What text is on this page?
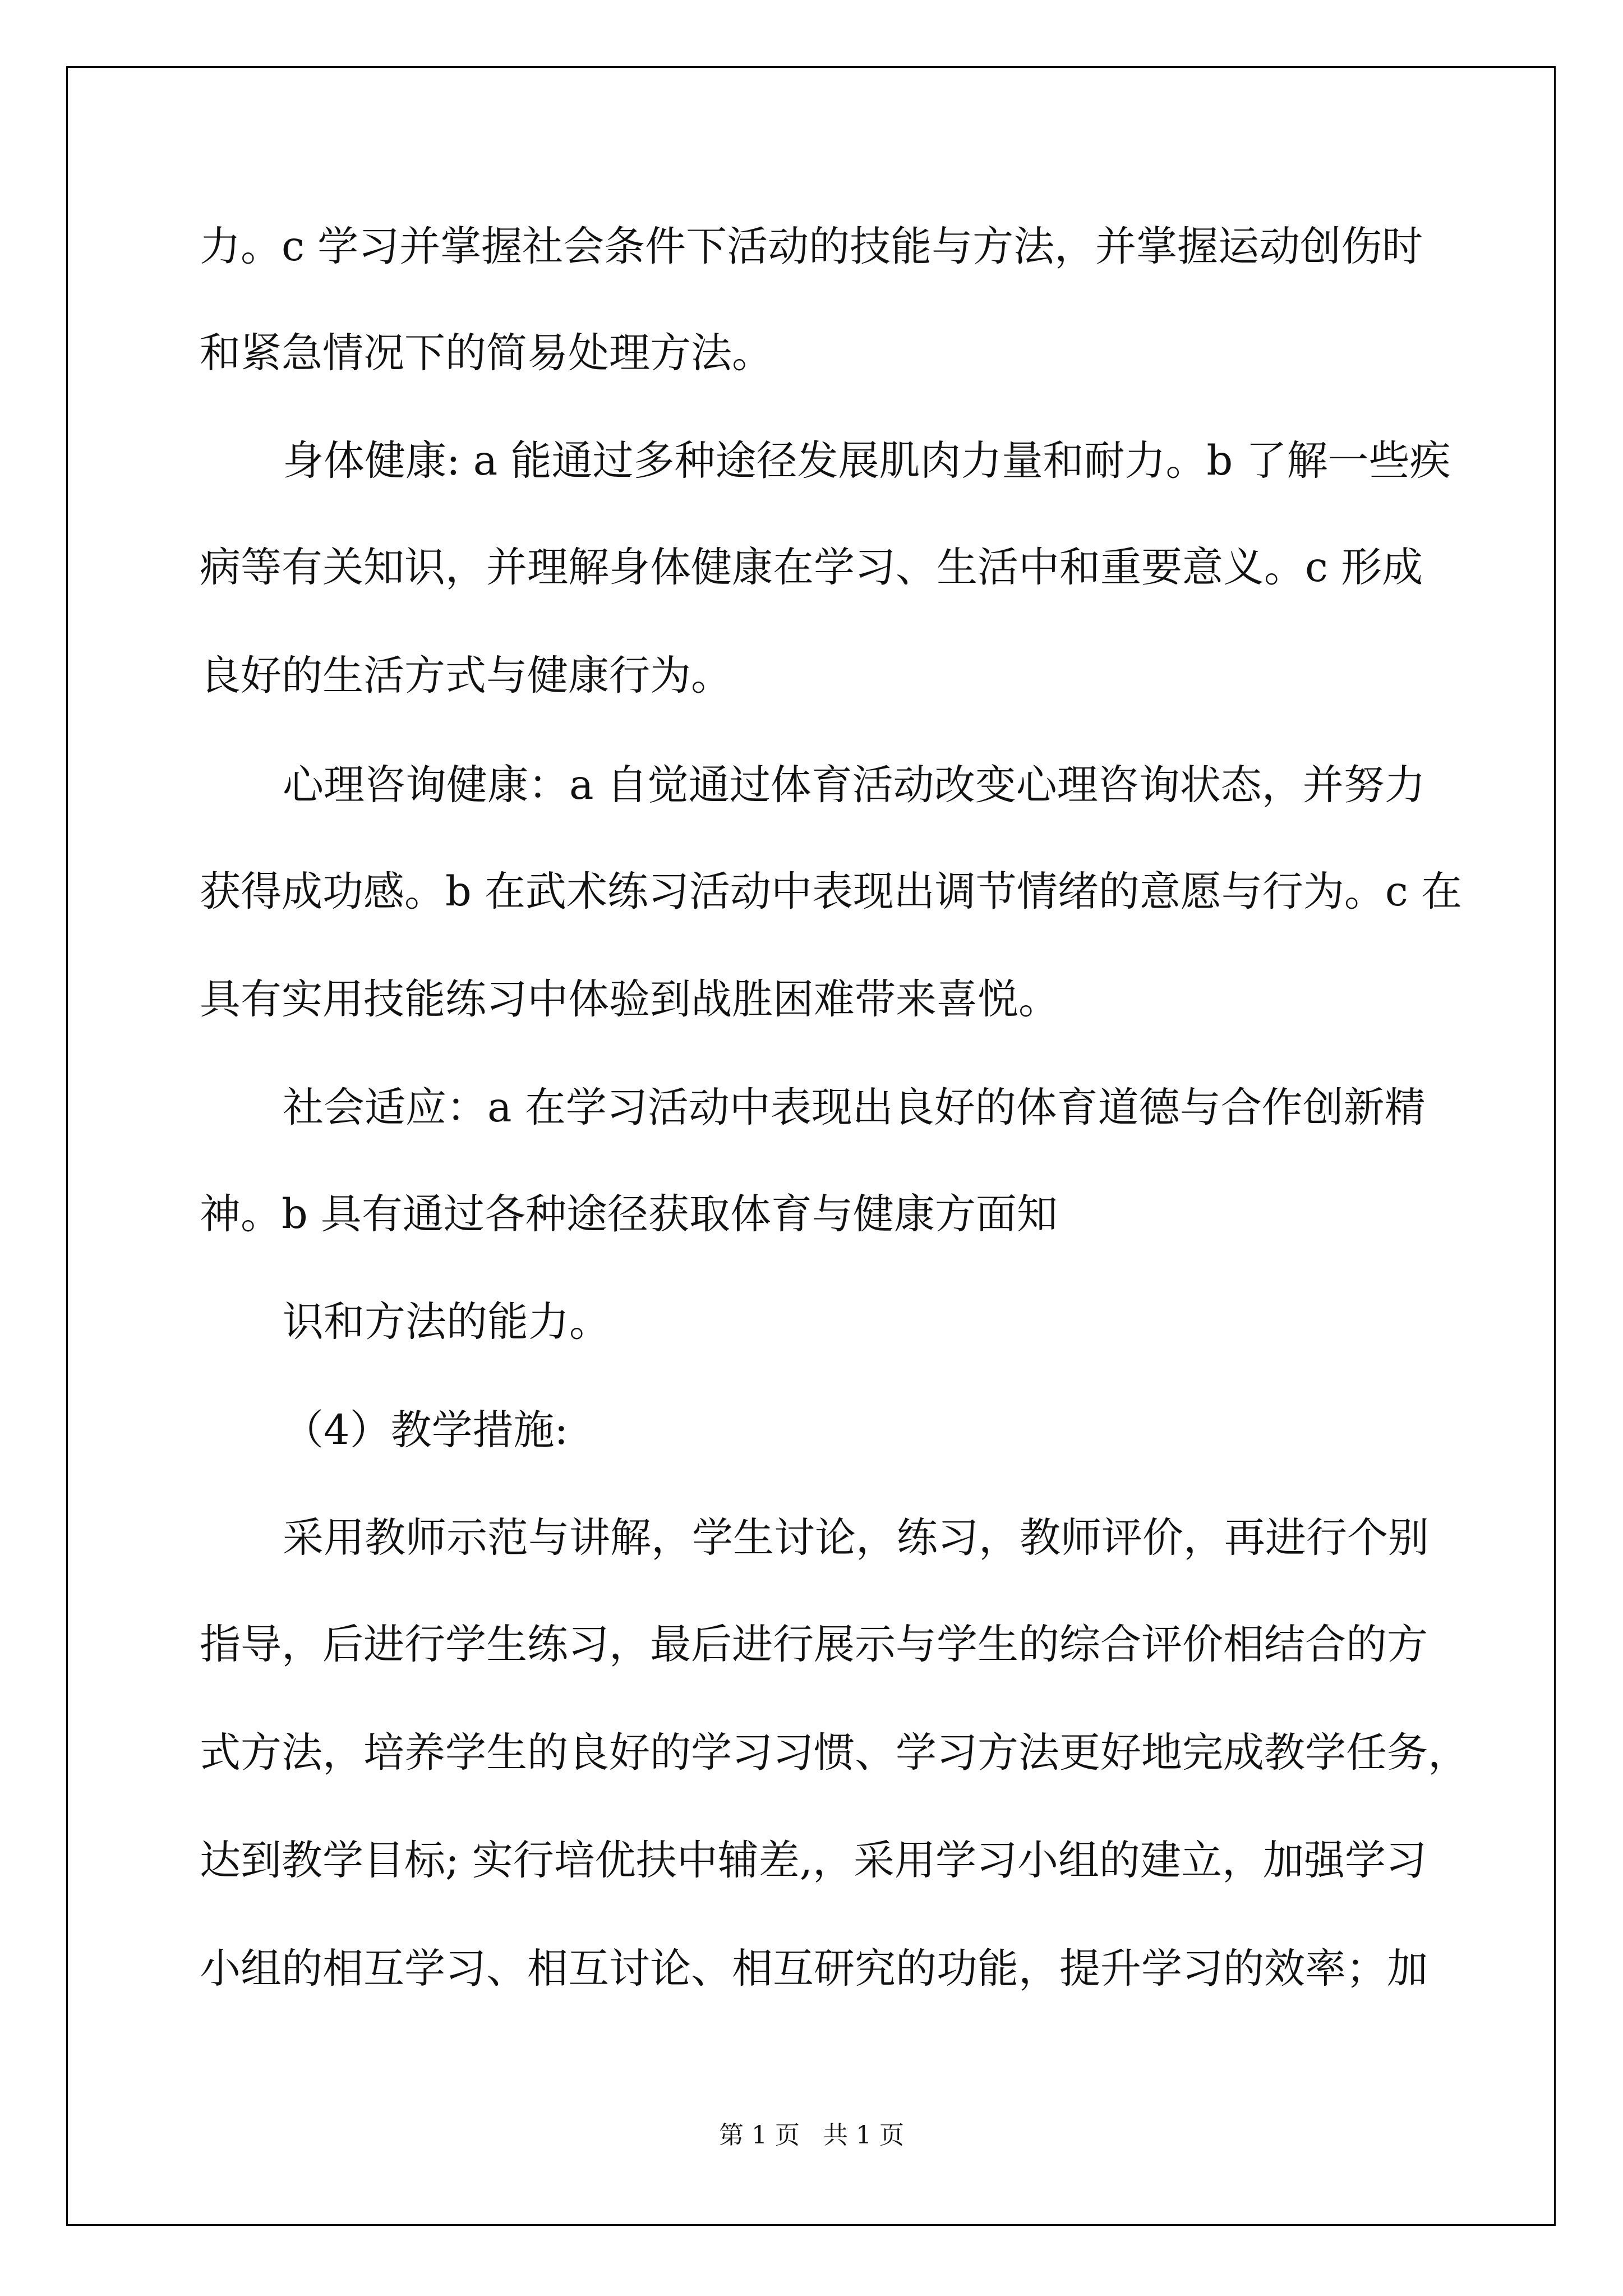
力。c 学习并掌握社会条件下活动的技能与方法，并掌握运动创伤时
和紧急情况下的简易处理方法。
身体健康: a 能通过多种途径发展肌肉力量和耐力。b 了解一些疾
病等有关知识，并理解身体健康在学习、生活中和重要意义。c 形成
良好的生活方式与健康行为。
心理咨询健康：a 自觉通过体育活动改变心理咨询状态，并努力
获得成功感。b 在武术练习活动中表现出调节情绪的意愿与行为。c 在
具有实用技能练习中体验到战胜困难带来喜悦。
社会适应：a 在学习活动中表现出良好的体育道德与合作创新精
神。b 具有通过各种途径获取体育与健康方面知
识和方法的能力。
（4）教学措施:
采用教师示范与讲解，学生讨论，练习，教师评价，再进行个别
指导，后进行学生练习，最后进行展示与学生的综合评价相结合的方
式方法，培养学生的良好的学习习惯、学习方法更好地完成教学任务，
达到教学目标; 实行培优扶中辅差,，采用学习小组的建立，加强学习
小组的相互学习、相互讨论、相互研究的功能，提升学习的效率；加
第 1 页   共 1 页
